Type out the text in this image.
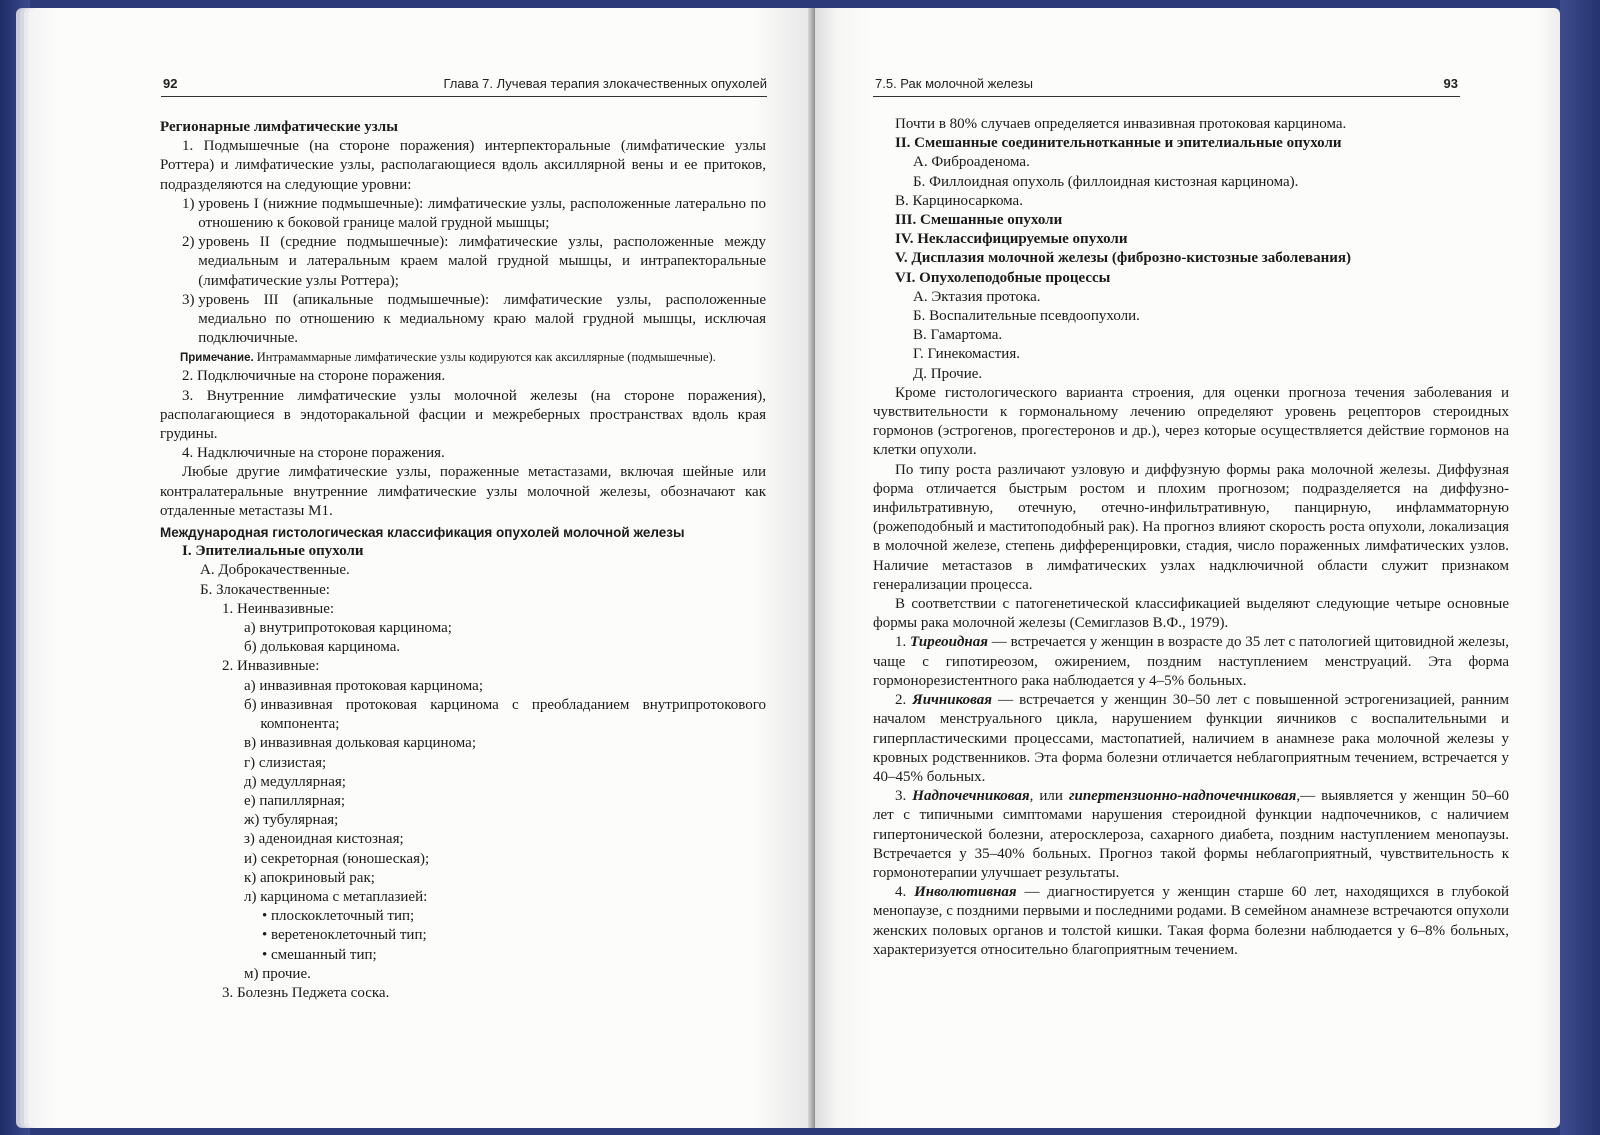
92	Глава 7. Лучевая терапия злокачественных опухолей

Регионарные лимфатические узлы

1. Подмышечные (на стороне поражения) интерпекторальные (лимфатические узлы Роттера) и лимфатические узлы, располагающиеся вдоль аксиллярной вены и ее притоков, подразделяются на следующие уровни:

1)
уровень I (нижние подмышечные): лимфатические узлы, расположенные латерально по отношению к боковой границе малой грудной мышцы;
2)
уровень II (средние подмышечные): лимфатические узлы, расположенные между медиальным и латеральным краем малой грудной мышцы, и интрапекторальные (лимфатические узлы Роттера);
3)
уровень III (апикальные подмышечные): лимфатические узлы, расположенные медиально по отношению к медиальному краю малой грудной мышцы, исключая подключичные.

Примечание. Интрамаммарные лимфатические узлы кодируются как аксиллярные (подмышечные).

2. Подключичные на стороне поражения.

3. Внутренние лимфатические узлы молочной железы (на стороне поражения), располагающиеся в эндоторакальной фасции и межреберных пространствах вдоль края грудины.

4. Надключичные на стороне поражения.

Любые другие лимфатические узлы, пораженные метастазами, включая шейные или контралатеральные внутренние лимфатические узлы молочной железы, обозначают как отдаленные метастазы М1.

Международная гистологическая классификация опухолей молочной железы

I. Эпителиальные опухоли

А. Доброкачественные.

Б. Злокачественные:

1. Неинвазивные:

а) внутрипротоковая карцинома;

б) дольковая карцинома.

2. Инвазивные:

а) инвазивная протоковая карцинома;

б)
инвазивная протоковая карцинома с преобладанием внутрипротокового компонента;

в) инвазивная дольковая карцинома;

г) слизистая;

д) медуллярная;

е) папиллярная;

ж) тубулярная;

з) аденоидная кистозная;

и) секреторная (юношеская);

к) апокриновый рак;

л) карцинома с метаплазией:

• плоскоклеточный тип;

• веретеноклеточный тип;

• смешанный тип;

м) прочие.

3. Болезнь Педжета соска.

7.5. Рак молочной железы	93

Почти в 80% случаев определяется инвазивная протоковая карцинома.

II. Смешанные соединительнотканные и эпителиальные опухоли

А. Фиброаденома.

Б. Филлоидная опухоль (филлоидная кистозная карцинома).

В. Карциносаркома.

III. Смешанные опухоли

IV. Неклассифицируемые опухоли

V. Дисплазия молочной железы (фиброзно-кистозные заболевания)

VI. Опухолеподобные процессы

А. Эктазия протока.

Б. Воспалительные псевдоопухоли.

В. Гамартома.

Г. Гинекомастия.

Д. Прочие.

Кроме гистологического варианта строения, для оценки прогноза течения заболевания и чувствительности к гормональному лечению определяют уровень рецепторов стероидных гормонов (эстрогенов, прогестеронов и др.), через которые осуществляется действие гормонов на клетки опухоли.

По типу роста различают узловую и диффузную формы рака молочной железы. Диффузная форма отличается быстрым ростом и плохим прогнозом; подразделяется на диффузно-инфильтративную, отечную, отечно-инфильтративную, панцирную, инфламматорную (рожеподобный и маститоподобный рак). На прогноз влияют скорость роста опухоли, локализация в молочной железе, степень дифференцировки, стадия, число пораженных лимфатических узлов. Наличие метастазов в лимфатических узлах надключичной области служит признаком генерализации процесса.

В соответствии с патогенетической классификацией выделяют следующие четыре основные формы рака молочной железы (Семиглазов В.Ф., 1979).

1. Тиреоидная — встречается у женщин в возрасте до 35 лет с патологией щитовидной железы, чаще с гипотиреозом, ожирением, поздним наступлением менструаций. Эта форма гормонорезистентного рака наблюдается у 4–5% больных.

2. Яичниковая — встречается у женщин 30–50 лет с повышенной эстрогенизацией, ранним началом менструального цикла, нарушением функции яичников с воспалительными и гиперпластическими процессами, мастопатией, наличием в анамнезе рака молочной железы у кровных родственников. Эта форма болезни отличается неблагоприятным течением, встречается у 40–45% больных.

3. Надпочечниковая, или гипертензионно-надпочечниковая,— выявляется у женщин 50–60 лет с типичными симптомами нарушения стероидной функции надпочечников, с наличием гипертонической болезни, атеросклероза, сахарного диабета, поздним наступлением менопаузы. Встречается у 35–40% больных. Прогноз такой формы неблагоприятный, чувствительность к гормонотерапии улучшает результаты.

4. Инволютивная — диагностируется у женщин старше 60 лет, находящихся в глубокой менопаузе, с поздними первыми и последними родами. В семейном анамнезе встречаются опухоли женских половых органов и толстой кишки. Такая форма болезни наблюдается у 6–8% больных, характеризуется относительно благоприятным течением.
